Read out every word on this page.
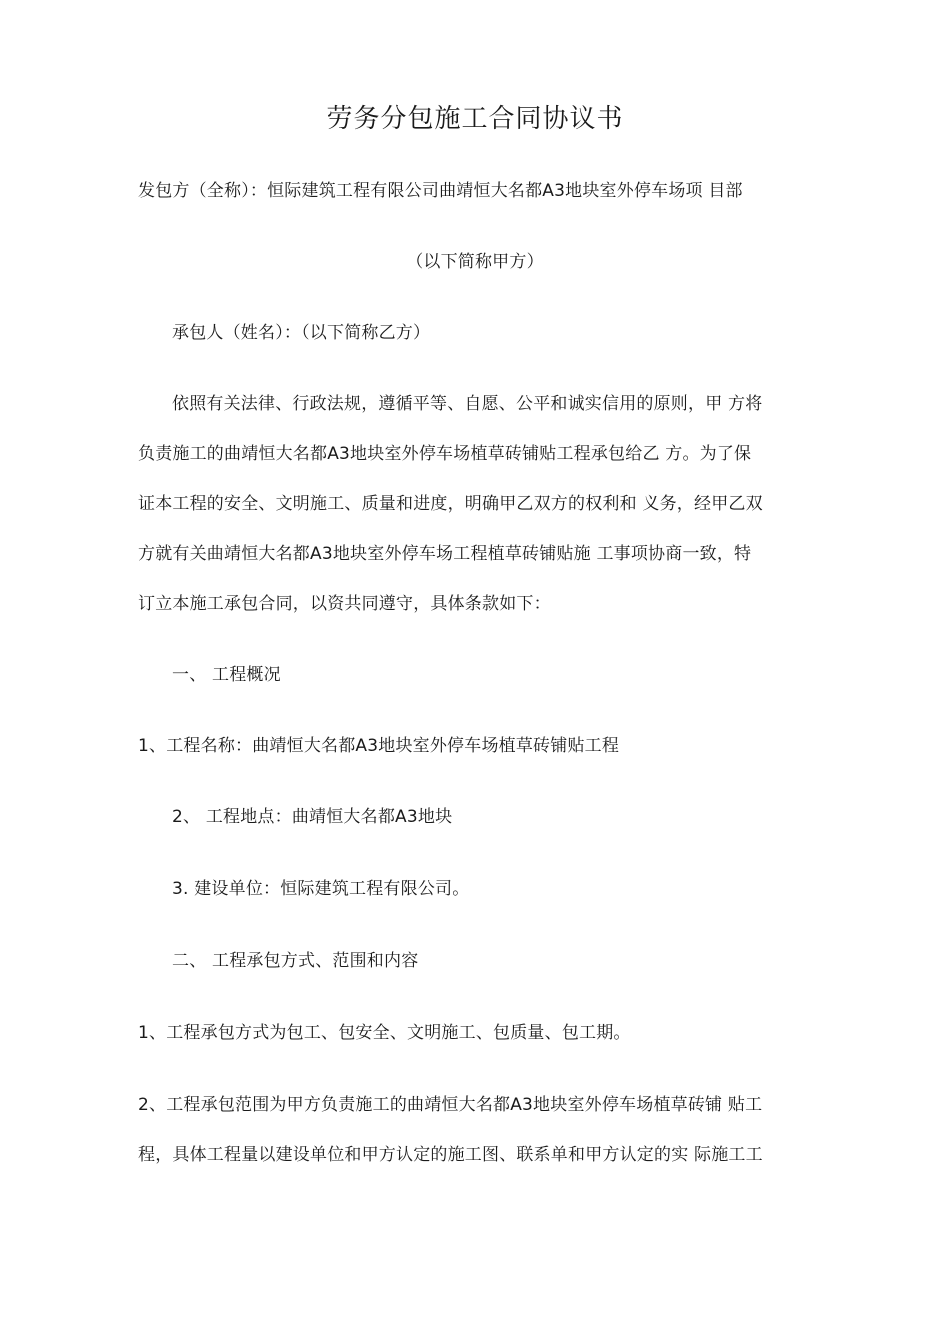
劳务分包施工合同协议书
发包方（全称）：恒际建筑工程有限公司曲靖恒大名都A3地块室外停车场项 目部
（以下简称甲方）
承包人（姓名）：（以下简称乙方）
依照有关法律、行政法规，遵循平等、自愿、公平和诚实信用的原则，甲 方将
负责施工的曲靖恒大名都A3地块室外停车场植草砖铺贴工程承包给乙 方。为了保
证本工程的安全、文明施工、质量和进度，明确甲乙双方的权利和 义务，经甲乙双
方就有关曲靖恒大名都A3地块室外停车场工程植草砖铺贴施 工事项协商一致，特
订立本施工承包合同，以资共同遵守，具体条款如下：
一、 工程概况
1、工程名称：曲靖恒大名都A3地块室外停车场植草砖铺贴工程
2、 工程地点：曲靖恒大名都A3地块
3. 建设单位：恒际建筑工程有限公司。
二、 工程承包方式、范围和内容
1、工程承包方式为包工、包安全、文明施工、包质量、包工期。
2、工程承包范围为甲方负责施工的曲靖恒大名都A3地块室外停车场植草砖铺 贴工
程，具体工程量以建设单位和甲方认定的施工图、联系单和甲方认定的实 际施工工
